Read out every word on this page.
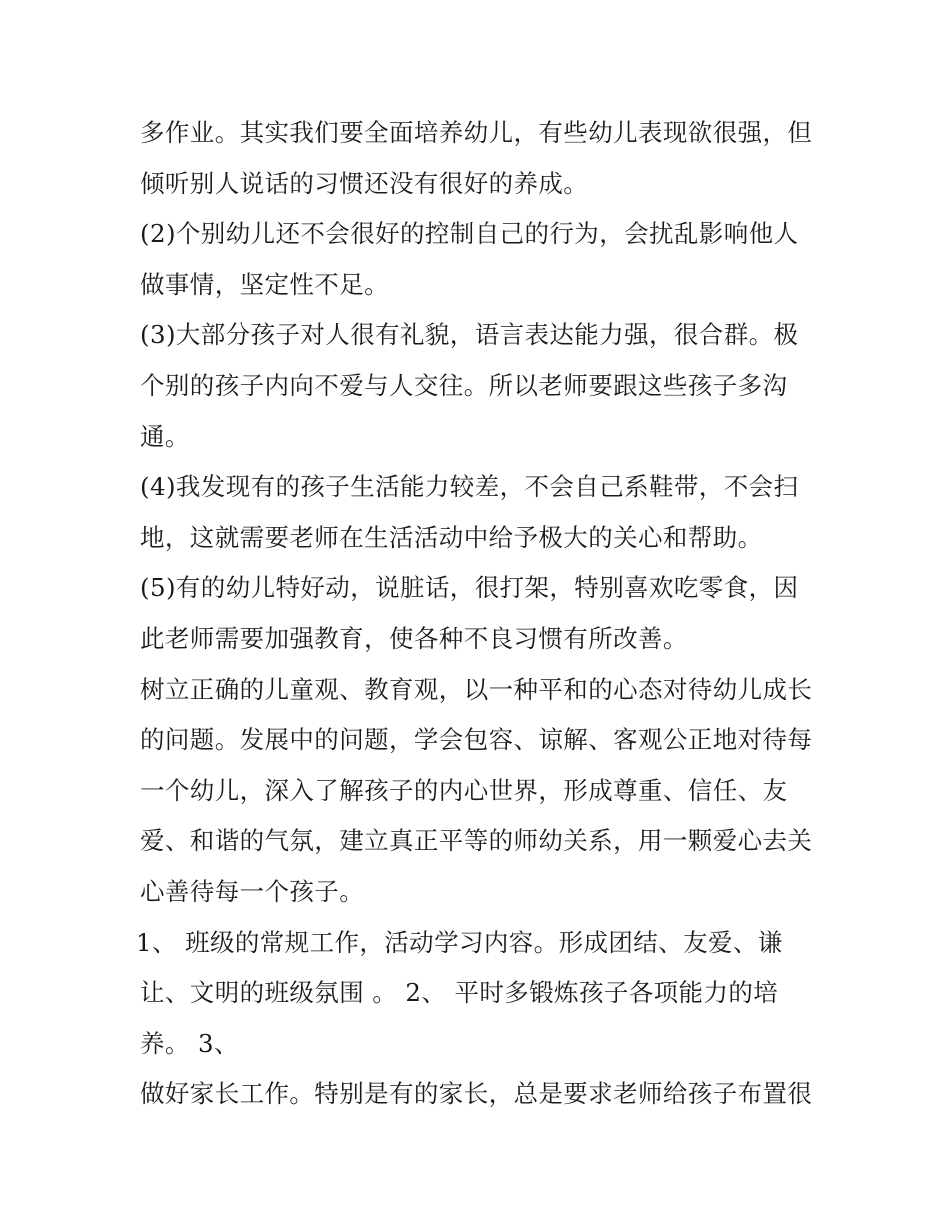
多作业。其实我们要全面培养幼儿，有些幼儿表现欲很强，但
倾听别人说话的习惯还没有很好的养成。
(2)个别幼儿还不会很好的控制自己的行为，会扰乱影响他人
做事情，坚定性不足。
(3)大部分孩子对人很有礼貌，语言表达能力强，很合群。极
个别的孩子内向不爱与人交往。所以老师要跟这些孩子多沟
通。
(4)我发现有的孩子生活能力较差，不会自己系鞋带，不会扫
地，这就需要老师在生活活动中给予极大的关心和帮助。
(5)有的幼儿特好动，说脏话，很打架，特别喜欢吃零食，因
此老师需要加强教育，使各种不良习惯有所改善。
树立正确的儿童观、教育观，以一种平和的心态对待幼儿成长
的问题。发展中的问题，学会包容、谅解、客观公正地对待每
一个幼儿，深入了解孩子的内心世界，形成尊重、信任、友
爱、和谐的气氛，建立真正平等的师幼关系，用一颗爱心去关
心善待每一个孩子。
1、 班级的常规工作，活动学习内容。形成团结、友爱、谦
让、文明的班级氛围 。 2、 平时多锻炼孩子各项能力的培
养。 3、
做好家长工作。特别是有的家长，总是要求老师给孩子布置很
